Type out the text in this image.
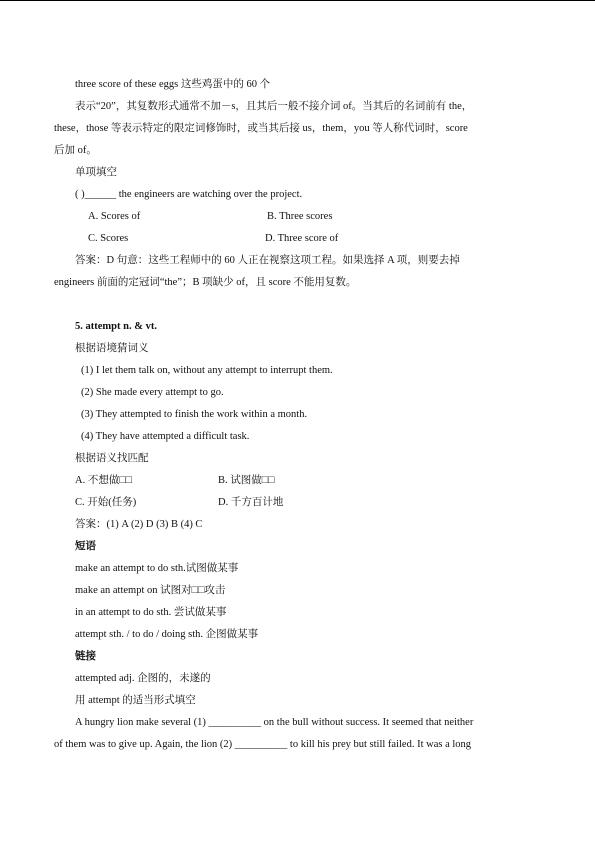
three score of these eggs 这些鸡蛋中的 60 个
表示“20”，其复数形式通常不加－s，且其后一般不接介词 of。当其后的名词前有 the，
these，those 等表示特定的限定词修饰时，或当其后接 us，them，you 等人称代词时，score
后加 of。
单项填空
( )______ the engineers are watching over the project.
A. Scores of	B. Three scores
C. Scores	D. Three score of
答案：D 句意：这些工程师中的 60 人正在视察这项工程。如果选择 A 项，则要去掉
engineers 前面的定冠词“the”；B 项缺少 of，且 score 不能用复数。
5. attempt n. & vt.
根据语境猜词义
(1) I let them talk on, without any attempt to interrupt them.
(2) She made every attempt to go.
(3) They attempted to finish the work within a month.
(4) They have attempted a difficult task.
根据语义找匹配
A. 不想做□□	B. 试图做□□
C. 开始(任务)	D. 千方百计地
答案：(1) A (2) D (3) B (4) C
短语
make an attempt to do sth.试图做某事
make an attempt on 试图对□□攻击
in an attempt to do sth. 尝试做某事
attempt sth. / to do / doing sth. 企图做某事
链接
attempted adj. 企图的，未遂的
用 attempt 的适当形式填空
A hungry lion make several (1) __________ on the bull without success. It seemed that neither
of them was to give up. Again, the lion (2) __________ to kill his prey but still failed. It was a long
